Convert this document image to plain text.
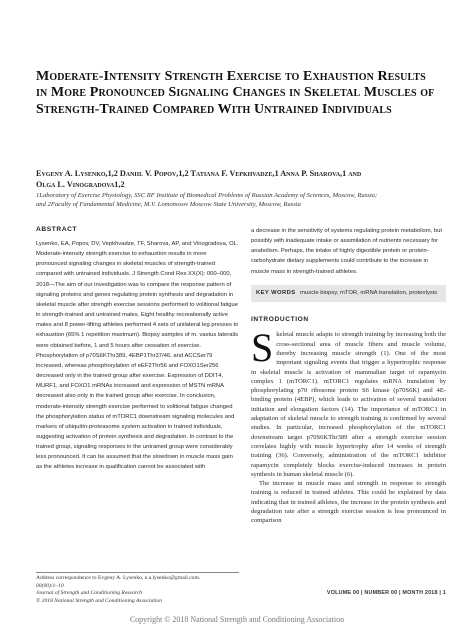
Moderate-Intensity Strength Exercise to Exhaustion Results in More Pronounced Signaling Changes in Skeletal Muscles of Strength-Trained Compared With Untrained Individuals
Evgeny A. Lysenko,1,2 Daniil V. Popov,1,2 Tatiana F. Vepkhvadze,1 Anna P. Sharova,1 and
Olga L. Vinogradova1,2
1Laboratory of Exercise Physiology, SSC RF Institute of Biomedical Problems of Russian Academy of Sciences, Moscow, Russia;
and 2Faculty of Fundamental Medicine, M.V. Lomonosov Moscow State University, Moscow, Russia
ABSTRACT

Lysenko, EA, Popov, DV, Vepkhvadze, TF, Sharova, AP, and Vinogradova, OL. Moderate-intensity strength exercise to exhaustion results in more pronounced signaling changes in skeletal muscles of strength-trained compared with untrained individuals. J Strength Cond Res XX(X): 000–000, 2018—The aim of our investigation was to compare the response pattern of signaling proteins and genes regulating protein synthesis and degradation in skeletal muscle after strength exercise sessions performed to volitional fatigue in strength-trained and untrained males. Eight healthy recreationally active males and 8 power-lifting athletes performed 4 sets of unilateral leg presses to exhaustion (65% 1 repetition maximum). Biopsy samples of m. vastus lateralis were obtained before, 1 and 5 hours after cessation of exercise. Phosphorylation of p70S6KThr389, 4EBP1Thr37/46, and ACCSer79 increased, whereas phosphorylation of eEF2Thr56 and FOXO1Ser256 decreased only in the trained group after exercise. Expression of DDIT4, MURF1, and FOXO1 mRNAs increased and expression of MSTN mRNA decreased also only in the trained group after exercise. In conclusion, moderate-intensity strength exercise performed to volitional fatigue changed the phosphorylation status of mTORC1 downstream signaling molecules and markers of ubiquitin-proteasome system activation in trained individuals, suggesting activation of protein synthesis and degradation. In contrast to the trained group, signaling responses in the untrained group were considerably less pronounced. It can be assumed that the slowdown in muscle mass gain as the athletes increase in qualification cannot be associated with

a decrease in the sensitivity of systems regulating protein metabolism, but possibly with inadequate intake or assimilation of nutrients necessary for anabolism. Perhaps, the intake of highly digestible protein or protein-carbohydrate dietary supplements could contribute to the increase in muscle mass in strength-trained athletes.

KEY WORDS muscle biopsy, mTOR, mRNA translation, proteolysis
INTRODUCTION
S keletal muscle adapts to strength training by increasing both the cross-sectional area of muscle fibers and muscle volume, thereby increasing muscle strength (1). One of the most important signaling events that trigger a hypertrophic response in skeletal muscle is activation of mammalian target of rapamycin complex 1 (mTORC1). mTORC1 regulates mRNA translation by phosphorylating p70 ribosome protein S6 kinase (p70S6K) and 4E-binding protein (4EBP), which leads to activation of several translation initiation and elongation factors (14). The importance of mTORC1 in adaptation of skeletal muscle to strength training is confirmed by several studies. In particular, increased phosphorylation of the mTORC1 downstream target p70S6KThr389 after a strength exercise session correlates highly with muscle hypertrophy after 14 weeks of strength training (36). Conversely, administration of the mTORC1 inhibitor rapamycin completely blocks exercise-induced increases in protein synthesis in human skeletal muscle (6).
The increase in muscle mass and strength in response to strength training is reduced in trained athletes. This could be explained by data indicating that in trained athletes, the increase in the protein synthesis and degradation rate after a strength exercise session is less pronounced in comparison
Address correspondence to Evgeny A. Lysenko, e.a.lysenko@gmail.com.
00(00)/1–10
Journal of Strength and Conditioning Research
© 2018 National Strength and Conditioning Association
VOLUME 00 | NUMBER 00 | MONTH 2018 | 1
Copyright © 2018 National Strength and Conditioning Association
